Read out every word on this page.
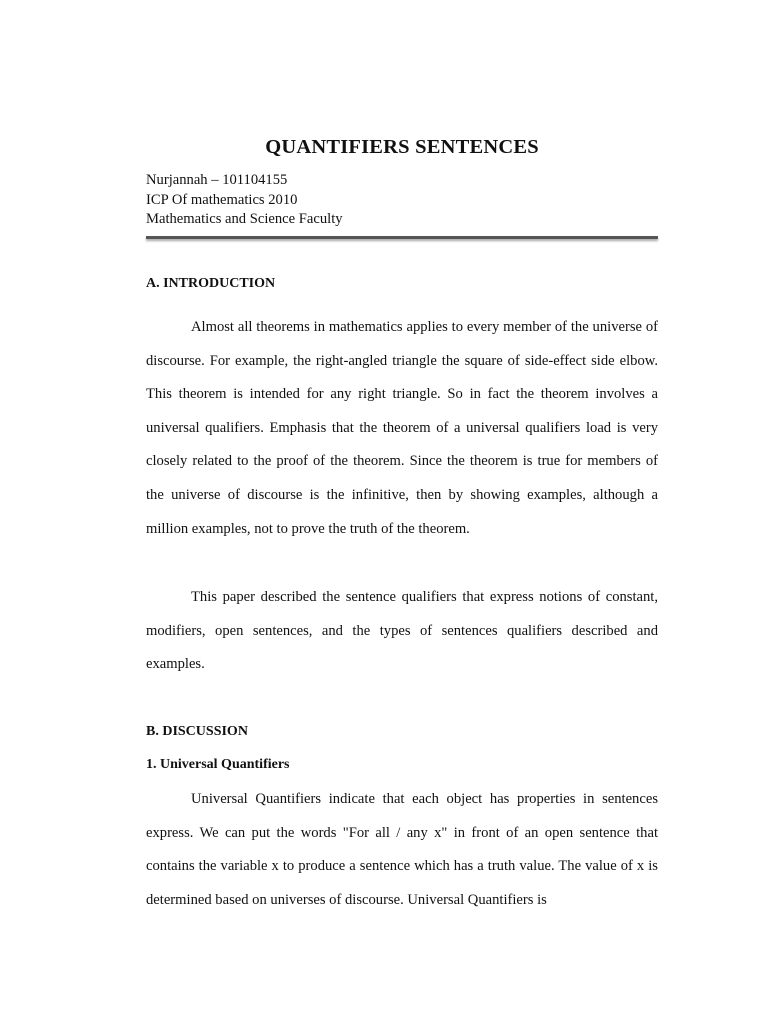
QUANTIFIERS SENTENCES
Nurjannah – 101104155
ICP Of mathematics 2010
Mathematics and Science Faculty
A. INTRODUCTION

Almost all theorems in mathematics applies to every member of the universe of discourse. For example, the right-angled triangle the square of side-effect side elbow. This theorem is intended for any right triangle. So in fact the theorem involves a universal qualifiers. Emphasis that the theorem of a universal qualifiers load is very closely related to the proof of the theorem. Since the theorem is true for members of the universe of discourse is the infinitive, then by showing examples, although a million examples, not to prove the truth of the theorem.

This paper described the sentence qualifiers that express notions of constant, modifiers, open sentences, and the types of sentences qualifiers described and examples.

B. DISCUSSION
1. Universal Quantifiers

Universal Quantifiers indicate that each object has properties in sentences express. We can put the words "For all / any x" in front of an open sentence that contains the variable x to produce a sentence which has a truth value. The value of x is determined based on universes of discourse. Universal Quantifiers is
